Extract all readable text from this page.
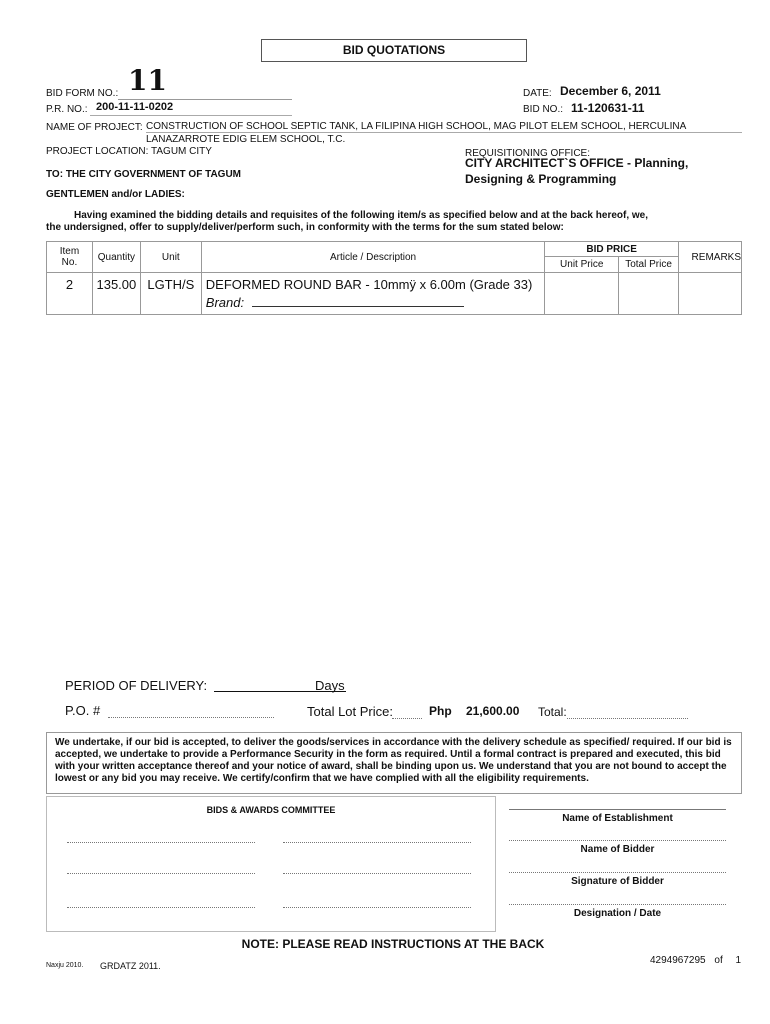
BID QUOTATIONS
BID FORM NO.: 11
P.R. NO.: 200-11-11-0202
DATE: December 6, 2011
BID NO.: 11-120631-11
NAME OF PROJECT: CONSTRUCTION OF SCHOOL SEPTIC TANK, LA FILIPINA HIGH SCHOOL, MAG PILOT ELEM SCHOOL, HERCULINA
LANAZARROTE EDIG ELEM SCHOOL, T.C.
PROJECT LOCATION: TAGUM CITY	REQUISITIONING OFFICE:
CITY ARCHITECT`S OFFICE - Planning,
Designing & Programming
TO: THE CITY GOVERNMENT OF TAGUM
GENTLEMEN and/or LADIES:
Having examined the bidding details and requisites of the following item/s as specified below and at the back hereof, we,
the undersigned, offer to supply/deliver/perform such, in conformity with the terms for the sum stated below:
Item
No.	Quantity	Unit	Article / Description	BID PRICE		REMARKS
				Unit Price	Total Price	
2	135.00	LGTH/S	DEFORMED ROUND BAR - 10mmÿ x 6.00m (Grade 33)
Brand:			

PERIOD OF DELIVERY:	Days
P.O. #	Total Lot Price:	Php 21,600.00 Total:
We undertake, if our bid is accepted, to deliver the goods/services in accordance with the delivery schedule as specified/ required. If our bid is accepted, we undertake to provide a Performance Security in the form as required. Until a formal contract is prepared and executed, this bid with your written acceptance thereof and your notice of award, shall be binding upon us. We understand that you are not bound to accept the lowest or any bid you may receive. We certify/confirm that we have complied with all the eligibility requirements.
BIDS & AWARDS COMMITTEE
Name of Establishment
Name of Bidder
Signature of Bidder
Designation / Date
NOTE: PLEASE READ INSTRUCTIONS AT THE BACK
Naxju 2010. GRDATZ 2011.	4294967295 of 1
